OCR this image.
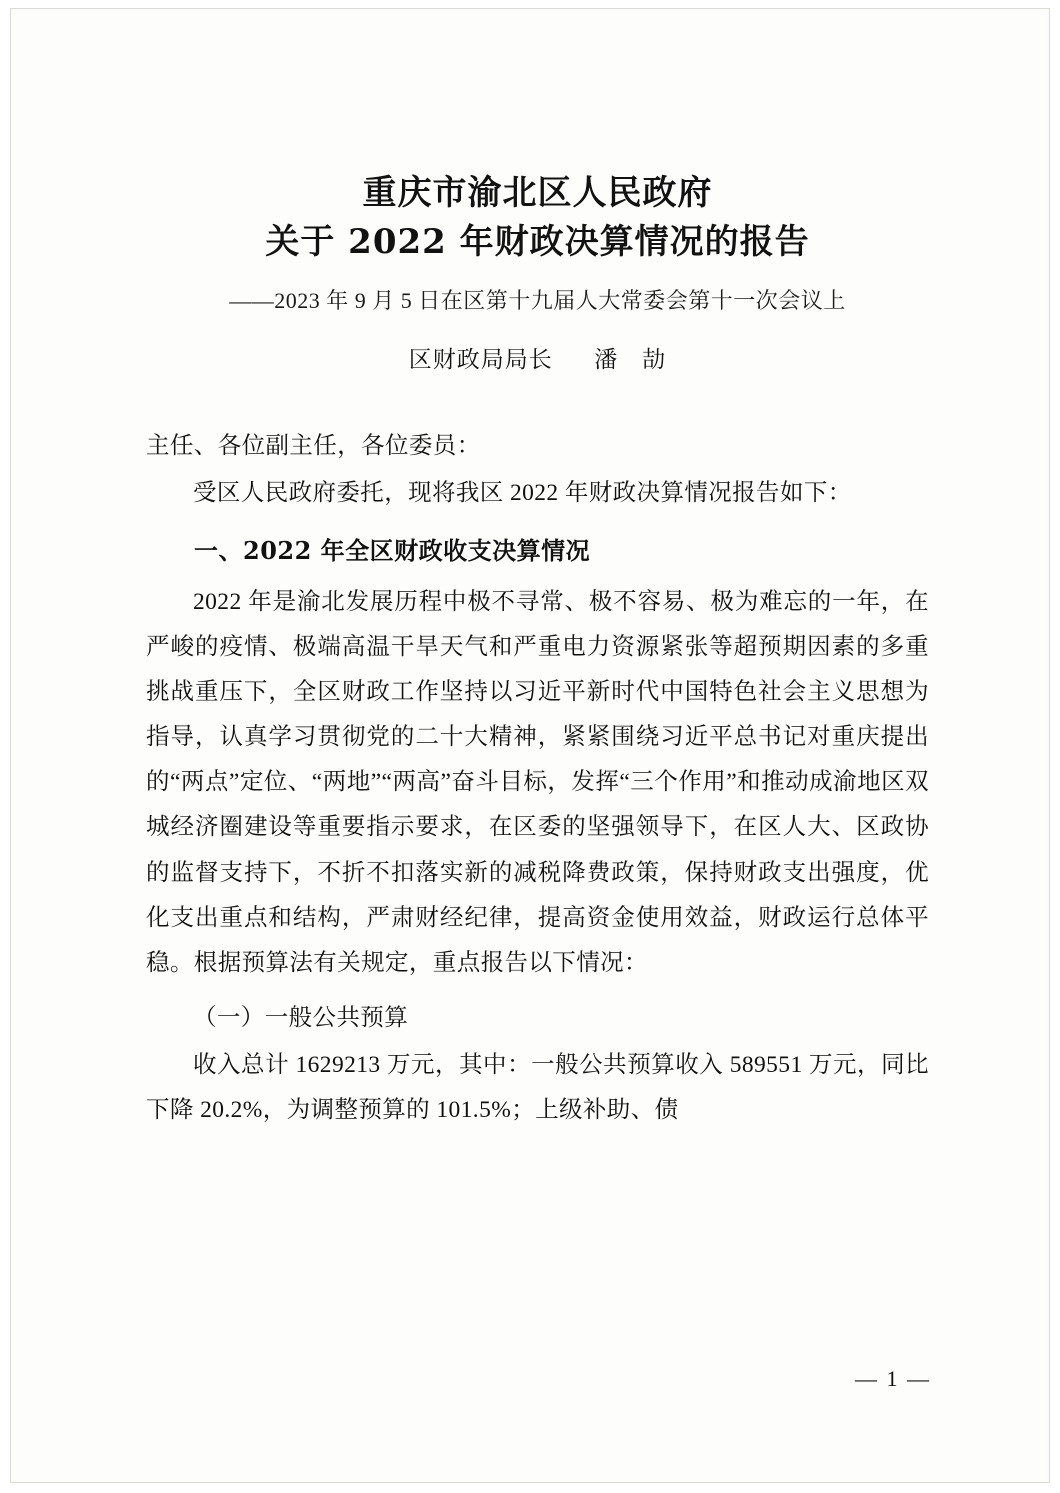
重庆市渝北区人民政府
关于 2022 年财政决算情况的报告
——2023 年 9 月 5 日在区第十九届人大常委会第十一次会议上
区财政局局长 潘　劼

主任、各位副主任，各位委员：

受区人民政府委托，现将我区 2022 年财政决算情况报告如下：

一、2022 年全区财政收支决算情况

2022 年是渝北发展历程中极不寻常、极不容易、极为难忘的一年，在严峻的疫情、极端高温干旱天气和严重电力资源紧张等超预期因素的多重挑战重压下，全区财政工作坚持以习近平新时代中国特色社会主义思想为指导，认真学习贯彻党的二十大精神，紧紧围绕习近平总书记对重庆提出的“两点”定位、“两地”“两高”奋斗目标，发挥“三个作用”和推动成渝地区双城经济圈建设等重要指示要求，在区委的坚强领导下，在区人大、区政协的监督支持下，不折不扣落实新的减税降费政策，保持财政支出强度，优化支出重点和结构，严肃财经纪律，提高资金使用效益，财政运行总体平稳。根据预算法有关规定，重点报告以下情况：

（一）一般公共预算

收入总计 1629213 万元，其中：一般公共预算收入 589551 万元，同比下降 20.2%，为调整预算的 101.5%；上级补助、债

— 1 —
